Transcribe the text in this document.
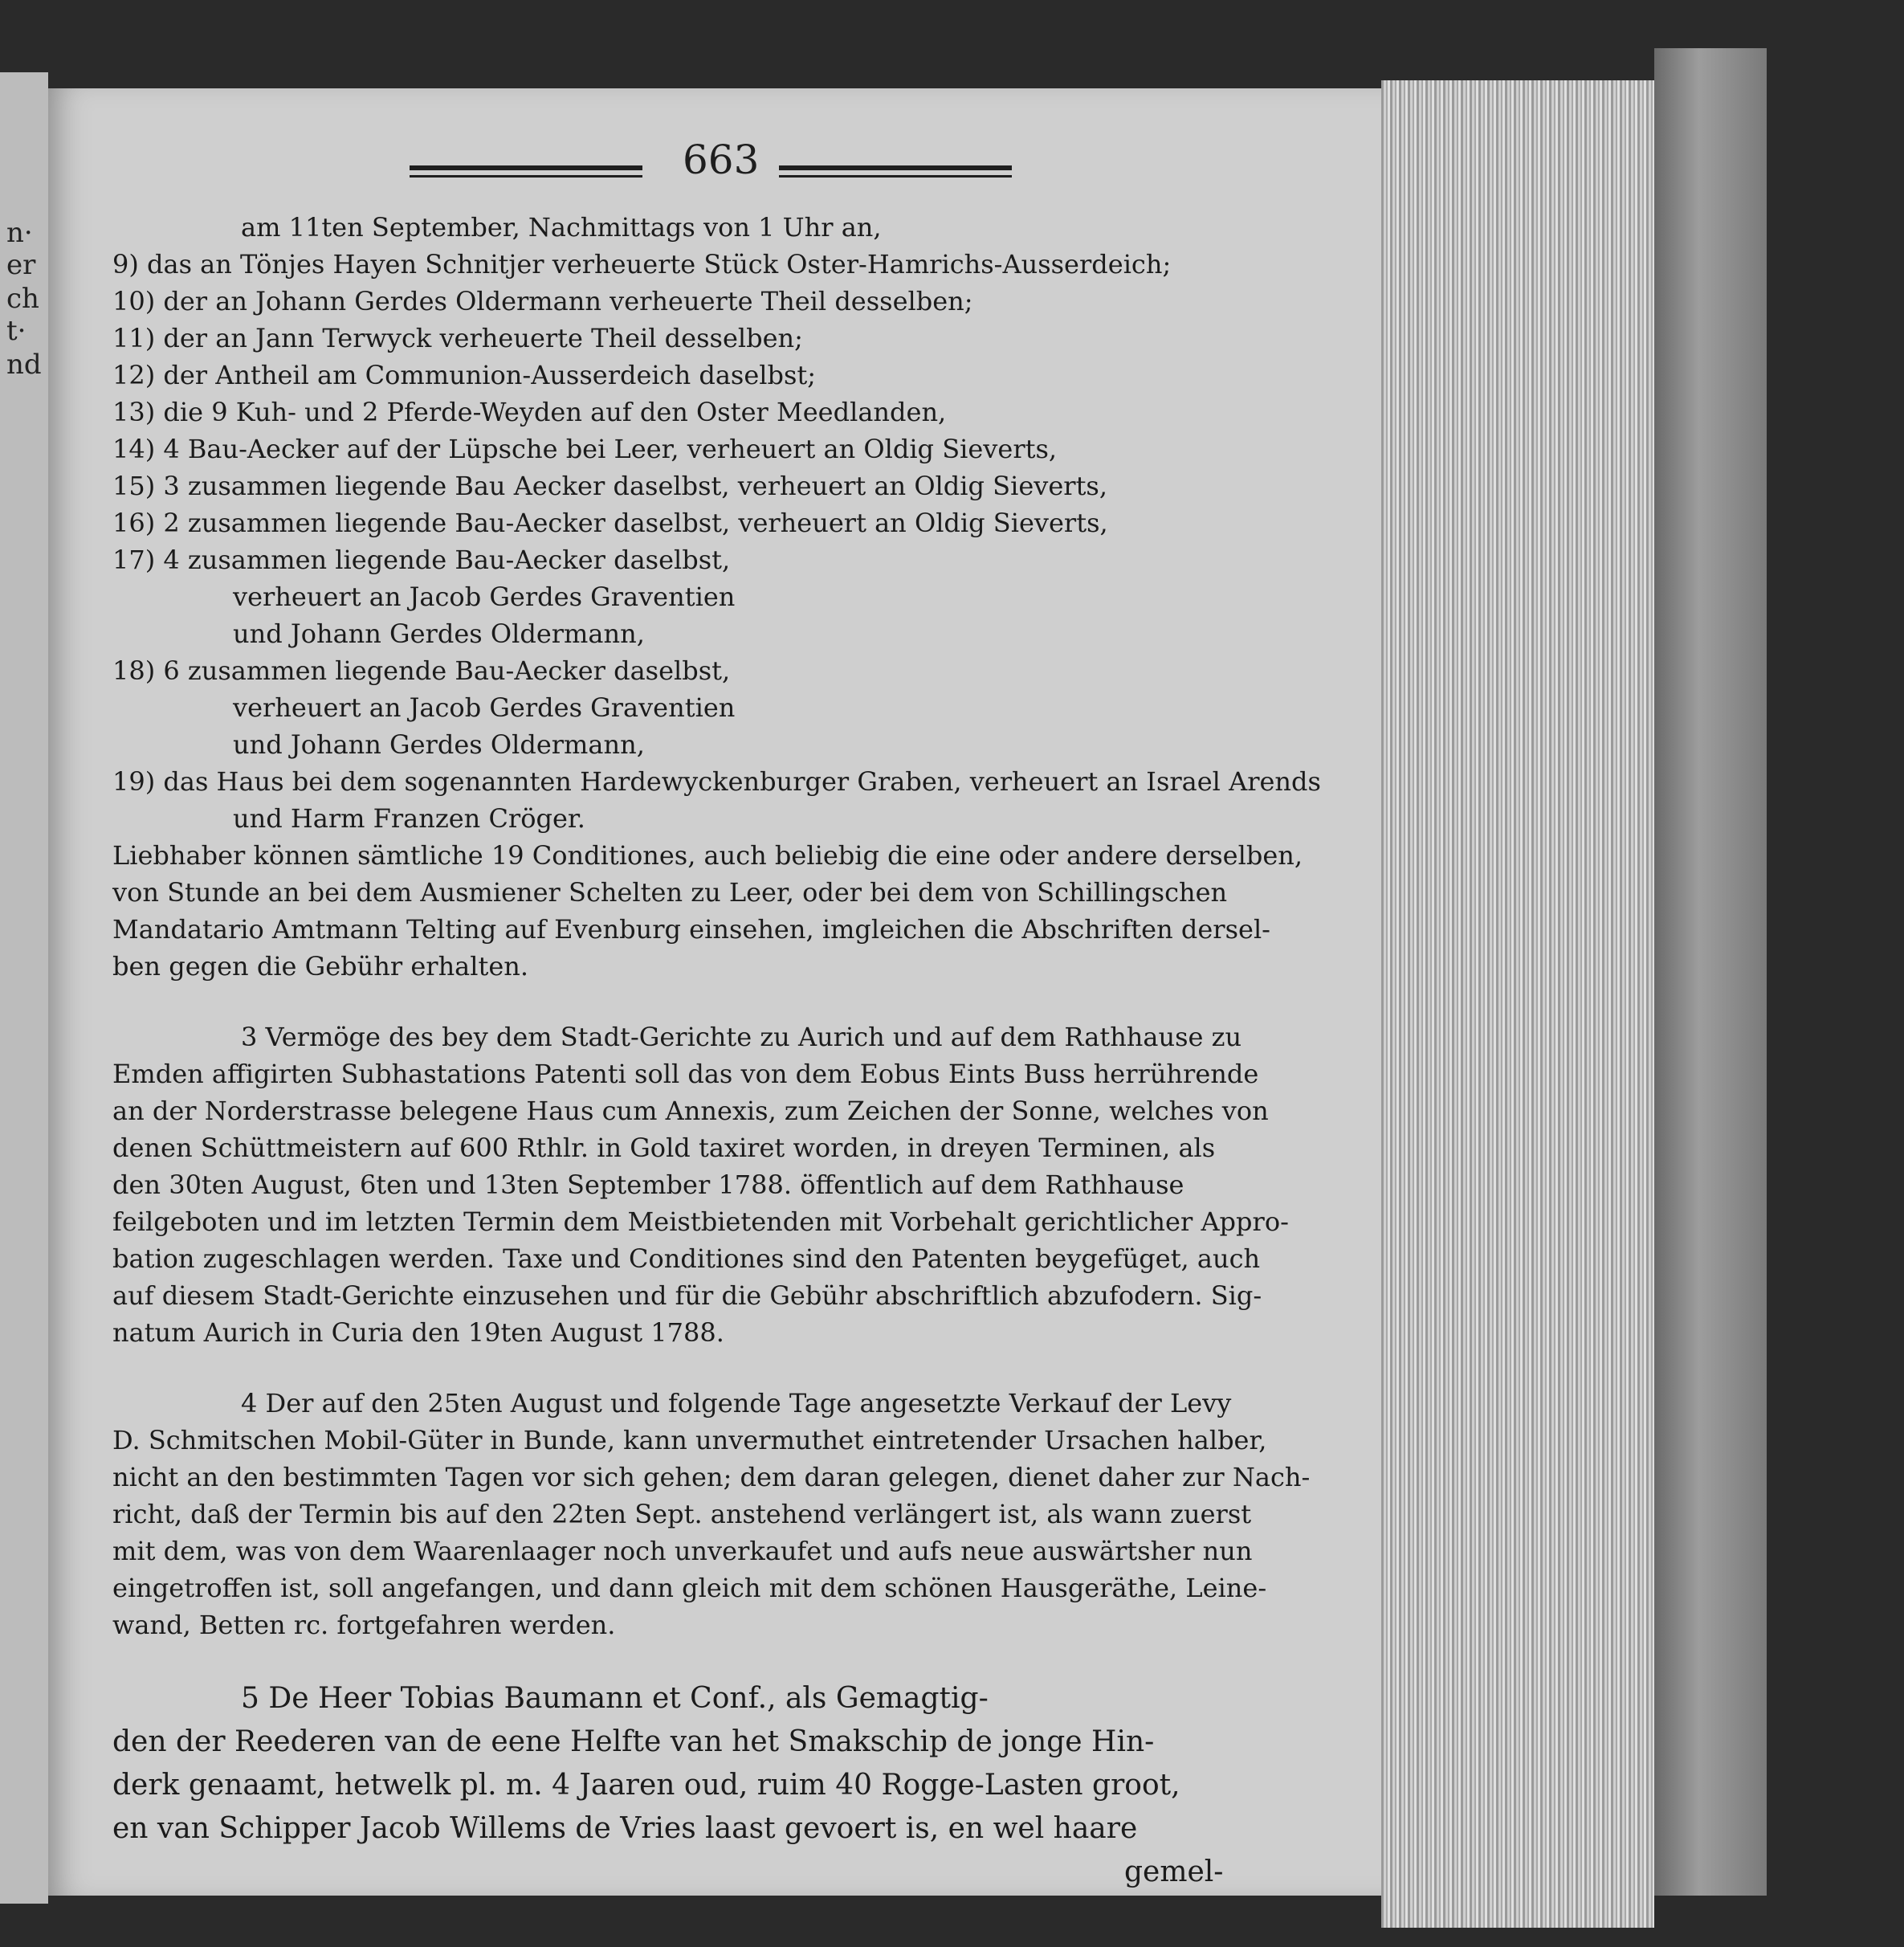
n·
er
ch
t·
nd
663
am 11ten September, Nachmittags von 1 Uhr an,
9) das an Tönjes Hayen Schnitjer verheuerte Stück Oster-Hamrichs-Ausserdeich;
10) der an Johann Gerdes Oldermann verheuerte Theil desselben;
11) der an Jann Terwyck verheuerte Theil desselben;
12) der Antheil am Communion-Ausserdeich daselbst;
13) die 9 Kuh- und 2 Pferde-Weyden auf den Oster Meedlanden,
14) 4 Bau-Aecker auf der Lüpsche bei Leer, verheuert an Oldig Sieverts,
15) 3 zusammen liegende Bau Aecker daselbst, verheuert an Oldig Sieverts,
16) 2 zusammen liegende Bau-Aecker daselbst, verheuert an Oldig Sieverts,
17) 4 zusammen liegende Bau-Aecker daselbst,
verheuert an Jacob Gerdes Graventien
und Johann Gerdes Oldermann,
18) 6 zusammen liegende Bau-Aecker daselbst,
verheuert an Jacob Gerdes Graventien
und Johann Gerdes Oldermann,
19) das Haus bei dem sogenannten Hardewyckenburger Graben, verheuert an Israel Arends
und Harm Franzen Cröger.
Liebhaber können sämtliche 19 Conditiones, auch beliebig die eine oder andere derselben,
von Stunde an bei dem Ausmiener Schelten zu Leer, oder bei dem von Schillingschen
Mandatario Amtmann Telting auf Evenburg einsehen, imgleichen die Abschriften dersel-
ben gegen die Gebühr erhalten.
3 Vermöge des bey dem Stadt-Gerichte zu Aurich und auf dem Rathhause zu
Emden affigirten Subhastations Patenti soll das von dem Eobus Eints Buss herrührende
an der Norderstrasse belegene Haus cum Annexis, zum Zeichen der Sonne, welches von
denen Schüttmeistern auf 600 Rthlr. in Gold taxiret worden, in dreyen Terminen, als
den 30ten August, 6ten und 13ten September 1788. öffentlich auf dem Rathhause
feilgeboten und im letzten Termin dem Meistbietenden mit Vorbehalt gerichtlicher Appro-
bation zugeschlagen werden. Taxe und Conditiones sind den Patenten beygefüget, auch
auf diesem Stadt-Gerichte einzusehen und für die Gebühr abschriftlich abzufodern. Sig-
natum Aurich in Curia den 19ten August 1788.
4 Der auf den 25ten August und folgende Tage angesetzte Verkauf der Levy
D. Schmitschen Mobil-Güter in Bunde, kann unvermuthet eintretender Ursachen halber,
nicht an den bestimmten Tagen vor sich gehen; dem daran gelegen, dienet daher zur Nach-
richt, daß der Termin bis auf den 22ten Sept. anstehend verlängert ist, als wann zuerst
mit dem, was von dem Waarenlaager noch unverkaufet und aufs neue auswärtsher nun
eingetroffen ist, soll angefangen, und dann gleich mit dem schönen Hausgeräthe, Leine-
wand, Betten rc. fortgefahren werden.
5 De Heer Tobias Baumann et Conf., als Gemagtig-
den der Reederen van de eene Helfte van het Smakschip de jonge Hin-
derk genaamt, hetwelk pl. m. 4 Jaaren oud, ruim 40 Rogge-Lasten groot,
en van Schipper Jacob Willems de Vries laast gevoert is, en wel haare
gemel-
